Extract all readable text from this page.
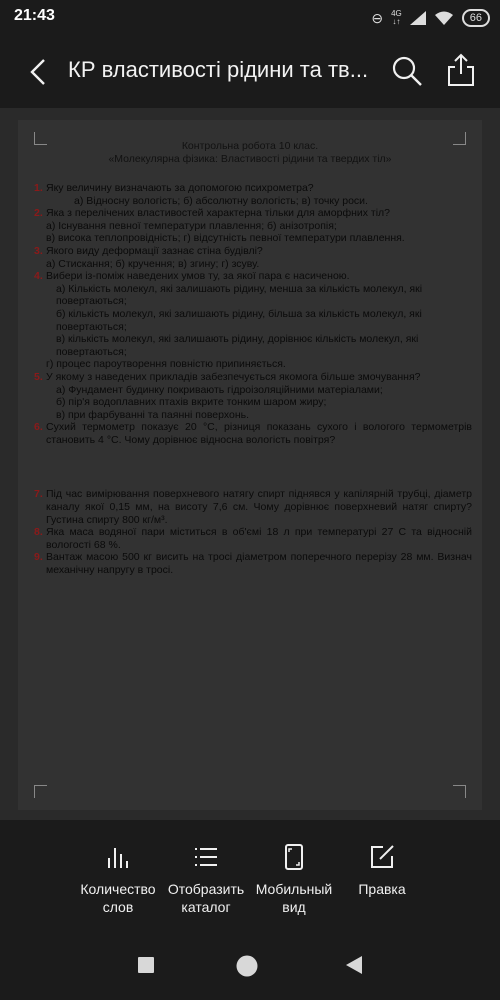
21:43	⊖ 4G
↓↑	66
КР властивості рідини та тв...
Контрольна робота 10 клас.
«Молекулярна фізика: Властивості рідини та твердих тіл»
1. Яку величину визначають за допомогою психрометра?
а) Відносну вологість; б) абсолютну вологість; в) точку роси.
2. Яка з перелічених властивостей характерна тільки для аморфних тіл?
а) Існування певної температури плавлення; б) анізотропія;
в) висока теплопровідність; г) відсутність певної температури плавлення.
3. Якого виду деформації зазнає стіна будівлі?
а) Стискання; б) кручення; в) згину; г) зсуву.
4. Вибери із-поміж наведених умов ту, за якої пара є насиченою.
а) Кількість молекул, які залишають рідину, менша за кількість молекул, які повертаються;
б) кількість молекул, які залишають рідину, більша за кількість молекул, які повертаються;
в) кількість молекул, які залишають рідину, дорівнює кількість молекул, які повертаються;
г) процес пароутворення повністю припиняється.
5. У якому з наведених прикладів забезпечується якомога більше змочування?
а) Фундамент будинку покривають гідроізоляційними матеріалами;
б) пір'я водоплавних птахів вкрите тонким шаром жиру;
в) при фарбуванні та паянні поверхонь.
6. Сухий термометр показує 20 °С, різниця показань сухого і вологого термометрів становить 4 °С. Чому дорівнює відносна вологість повітря?
7. Під час вимірювання поверхневого натягу спирт піднявся у капілярній трубці, діаметр каналу якої 0,15 мм, на висоту 7,6 см. Чому дорівнює поверхневий натяг спирту? Густина спирту 800 кг/м³.
8. Яка маса водяної пари міститься в об'ємі 18 л при температурі 27 С та відносній вологості 68 %.
9. Вантаж масою 500 кг висить на тросі діаметром поперечного перерізу 28 мм. Визнач механічну напругу в тросі.
Количество
слов
Отобразить
каталог
Мобильный
вид
Правка
